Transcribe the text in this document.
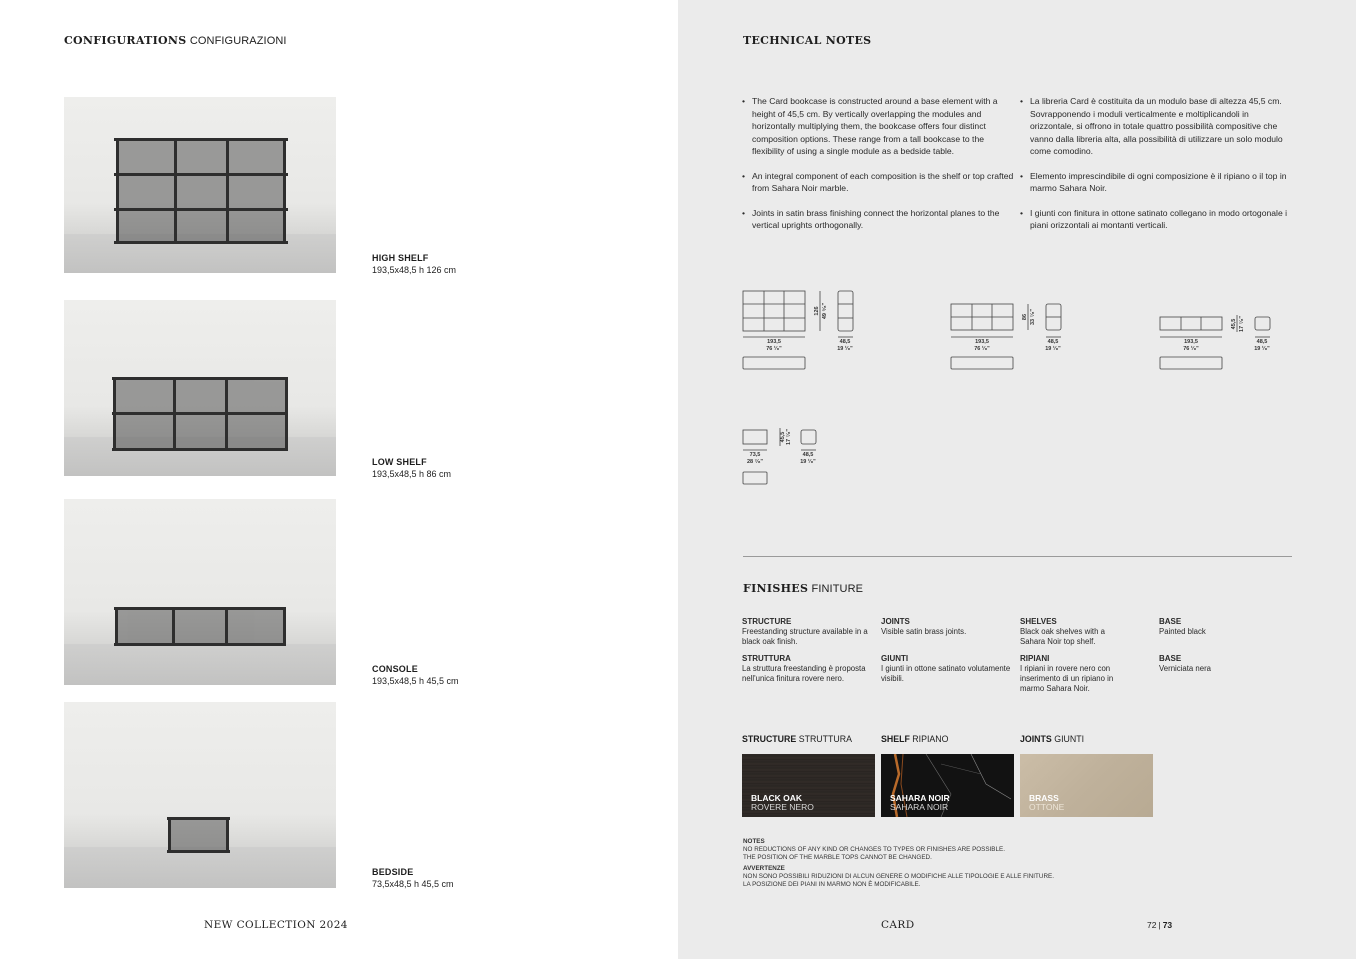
CONFIGURATIONS CONFIGURAZIONI
HIGH SHELF
193,5x48,5 h 126 cm
LOW SHELF
193,5x48,5 h 86 cm
CONSOLE
193,5x48,5 h 45,5 cm
BEDSIDE
73,5x48,5 h 45,5 cm
NEW COLLECTION 2024
TECHNICAL NOTES
• The Card bookcase is constructed around a base element with a height of 45,5 cm. By vertically overlapping the modules and horizontally multiplying them, the bookcase offers four distinct composition options. These range from a tall bookcase to the flexibility of using a single module as a bedside table.
• An integral component of each composition is the shelf or top crafted from Sahara Noir marble.
• Joints in satin brass finishing connect the horizontal planes to the vertical uprights orthogonally.
• La libreria Card è costituita da un modulo base di altezza 45,5 cm. Sovrapponendo i moduli verticalmente e moltiplicandoli in orizzontale, si offrono in totale quattro possibilità compositive che vanno dalla libreria alta, alla possibilità di utilizzare un solo modulo come comodino.
• Elemento imprescindibile di ogni composizione è il ripiano o il top in marmo Sahara Noir.
• I giunti con finitura in ottone satinato collegano in modo ortogonale i piani orizzontali ai montanti verticali.
193,5
76 ¹⁄₈"
48,5
19 ¹⁄₈"
126 49 ⁵⁄₈"
193,5
76 ¹⁄₈"
48,5
19 ¹⁄₈"
86 33 ⁷⁄₈"
193,5
76 ¹⁄₈"
48,5
19 ¹⁄₈"
45,5 17 ⁷⁄₈"
73,5
28 ⁷⁄₈"
48,5
19 ¹⁄₈"
45,5 17 ⁷⁄₈"
FINISHES FINITURE
STRUCTURE
Freestanding structure available in a black oak finish.
STRUTTURA
La struttura freestanding è proposta nell'unica finitura rovere nero.
JOINTS
Visible satin brass joints.
GIUNTI
I giunti in ottone satinato volutamente visibili.
SHELVES
Black oak shelves with a Sahara Noir top shelf.
RIPIANI
I ripiani in rovere nero con inserimento di un ripiano in marmo Sahara Noir.
BASE
Painted black
BASE
Verniciata nera
STRUCTURE STRUTTURA	SHELF RIPIANO	JOINTS GIUNTI
BLACK OAK
ROVERE NERO
SAHARA NOIR
SAHARA NOIR
BRASS
OTTONE
NOTES
NO REDUCTIONS OF ANY KIND OR CHANGES TO TYPES OR FINISHES ARE POSSIBLE.
THE POSITION OF THE MARBLE TOPS CANNOT BE CHANGED.
AVVERTENZE
NON SONO POSSIBILI RIDUZIONI DI ALCUN GENERE O MODIFICHE ALLE TIPOLOGIE E ALLE FINITURE.
LA POSIZIONE DEI PIANI IN MARMO NON È MODIFICABILE.
CARD	72 | 73
